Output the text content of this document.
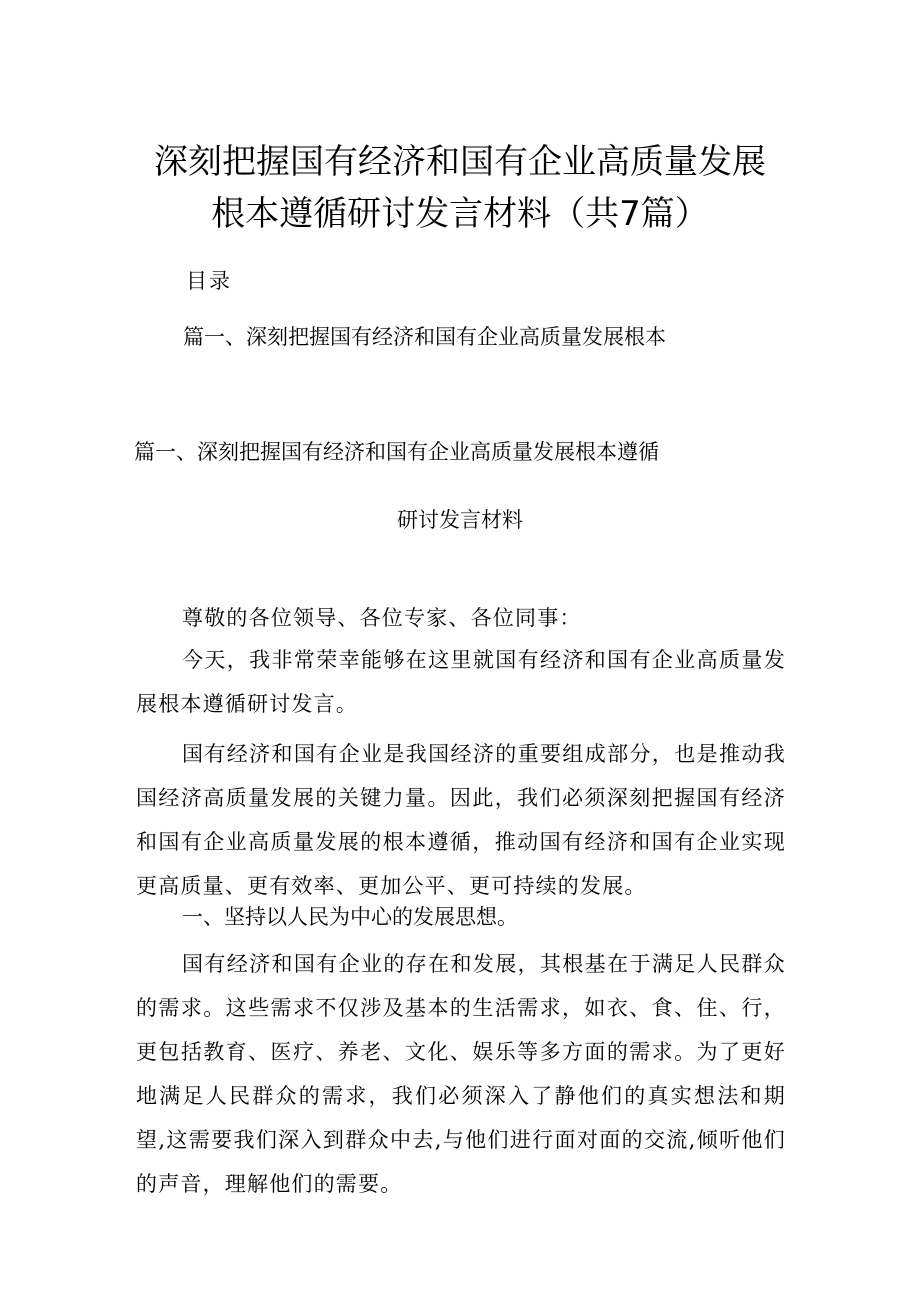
深刻把握国有经济和国有企业高质量发展
根本遵循研讨发言材料（共7篇）

目录

篇一、深刻把握国有经济和国有企业高质量发展根本

篇一、深刻把握国有经济和国有企业高质量发展根本遵循
研讨发言材料

尊敬的各位领导、各位专家、各位同事：

今天，我非常荣幸能够在这里就国有经济和国有企业高质量发展根本遵循研讨发言。

国有经济和国有企业是我国经济的重要组成部分，也是推动我国经济高质量发展的关键力量。因此，我们必须深刻把握国有经济和国有企业高质量发展的根本遵循，推动国有经济和国有企业实现更高质量、更有效率、更加公平、更可持续的发展。

一、坚持以人民为中心的发展思想。

国有经济和国有企业的存在和发展，其根基在于满足人民群众的需求。这些需求不仅涉及基本的生活需求，如衣、食、住、行，更包括教育、医疗、养老、文化、娱乐等多方面的需求。为了更好地满足人民群众的需求，我们必须深入了静他们的真实想法和期望,这需要我们深入到群众中去,与他们进行面对面的交流,倾听他们的声音，理解他们的需要。
